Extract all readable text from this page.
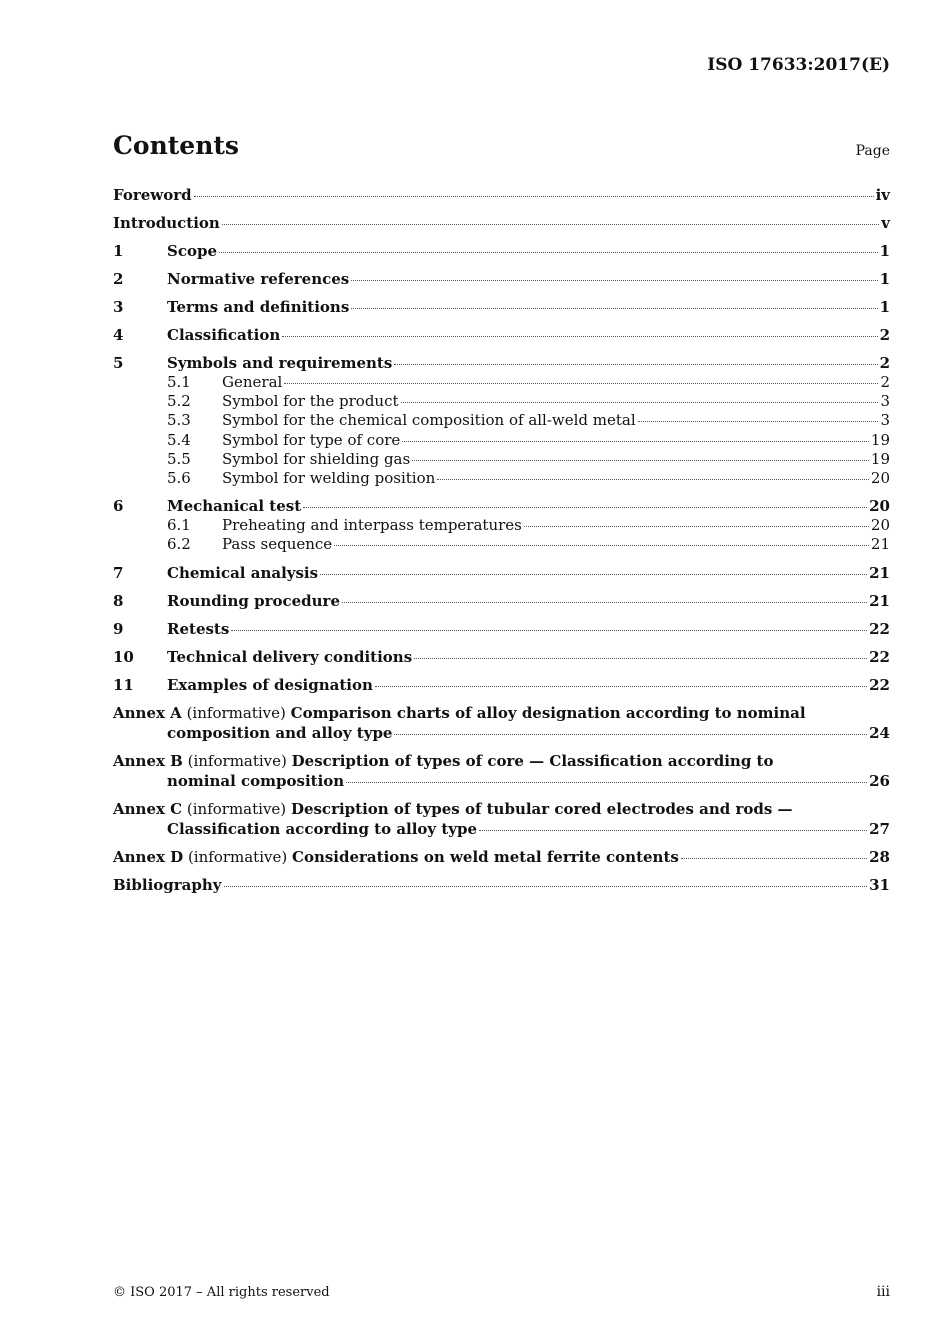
ISO 17633:2017(E)
Contents	Page
Foreword	iv
Introduction	v
1	Scope	1
2	Normative references	1
3	Terms and definitions	1
4	Classification	2
5	Symbols and requirements	2
5.1	General	2
5.2	Symbol for the product	3
5.3	Symbol for the chemical composition of all-weld metal	3
5.4	Symbol for type of core	19
5.5	Symbol for shielding gas	19
5.6	Symbol for welding position	20
6	Mechanical test	20
6.1	Preheating and interpass temperatures	20
6.2	Pass sequence	21
7	Chemical analysis	21
8	Rounding procedure	21
9	Retests	22
10	Technical delivery conditions	22
11	Examples of designation	22
Annex A (informative) Comparison charts of alloy designation according to nominal
composition and alloy type	24
Annex B (informative) Description of types of core — Classification according to
nominal composition	26
Annex C (informative) Description of types of tubular cored electrodes and rods —
Classification according to alloy type	27
Annex D (informative) Considerations on weld metal ferrite contents	28
Bibliography	31
© ISO 2017 – All rights reserved	iii
